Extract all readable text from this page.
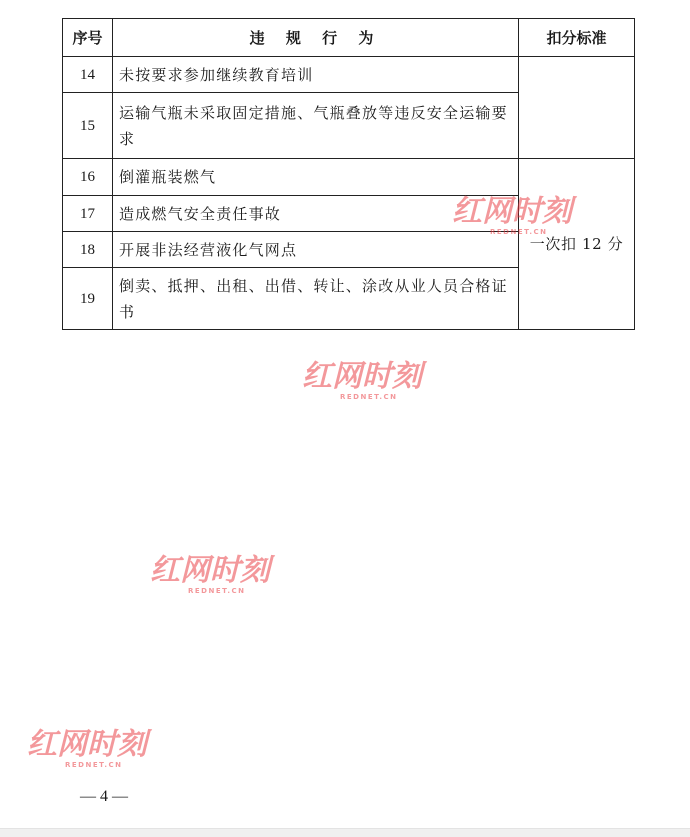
序号	违 规 行 为	扣分标准
14	未按要求参加继续教育培训	
15	运输气瓶未采取固定措施、气瓶叠放等违反安全运输要求	
16	倒灌瓶装燃气	一次扣 12 分
17	造成燃气安全责任事故	
18	开展非法经营液化气网点	
19	倒卖、抵押、出租、出借、转让、涂改从业人员合格证书	
— 4 —
红网时刻
REDNET.CN
红网时刻
REDNET.CN
红网时刻
REDNET.CN
红网时刻
REDNET.CN
